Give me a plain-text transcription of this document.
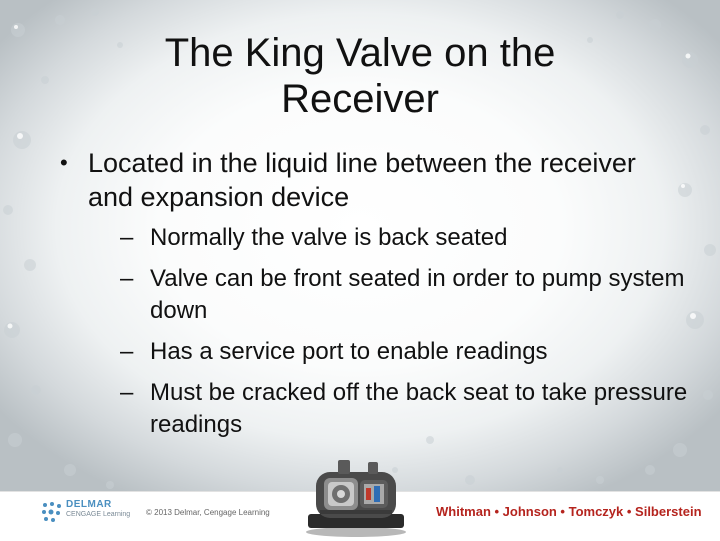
The King Valve on the Receiver
• Located in the liquid line between the receiver and expansion device
– Normally the valve is back seated
– Valve can be front seated in order to pump system down
– Has a service port to enable readings
– Must be cracked off the back seat to take pressure readings
DELMAR
CENGAGE Learning © 2013 Delmar, Cengage Learning	Whitman • Johnson • Tomczyk • Silberstein
